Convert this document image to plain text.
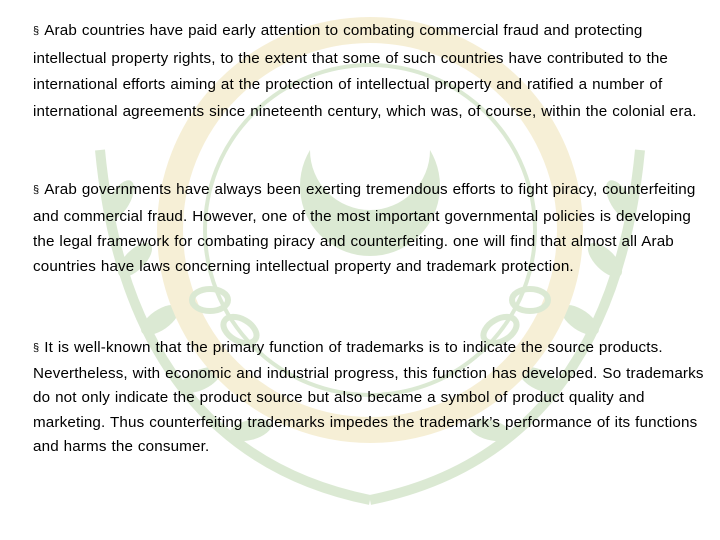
§ Arab countries have paid early attention to combating commercial fraud and protecting intellectual property rights, to the extent that some of such countries have contributed to the international efforts aiming at the protection of intellectual property and ratified a number of international agreements since nineteenth century, which was, of course, within the colonial era.

§ Arab governments have always been exerting tremendous efforts to fight piracy, counterfeiting and commercial fraud. However, one of the most important governmental policies is developing the legal framework for combating piracy and counterfeiting. one will find that almost all Arab countries have laws concerning intellectual property and trademark protection.

§ It is well-known that the primary function of trademarks is to indicate the source products. Nevertheless, with economic and industrial progress, this function has developed. So trademarks do not only indicate the product source but also became a symbol of product quality and marketing. Thus counterfeiting trademarks impedes the trademark’s performance of its functions and harms the consumer.
